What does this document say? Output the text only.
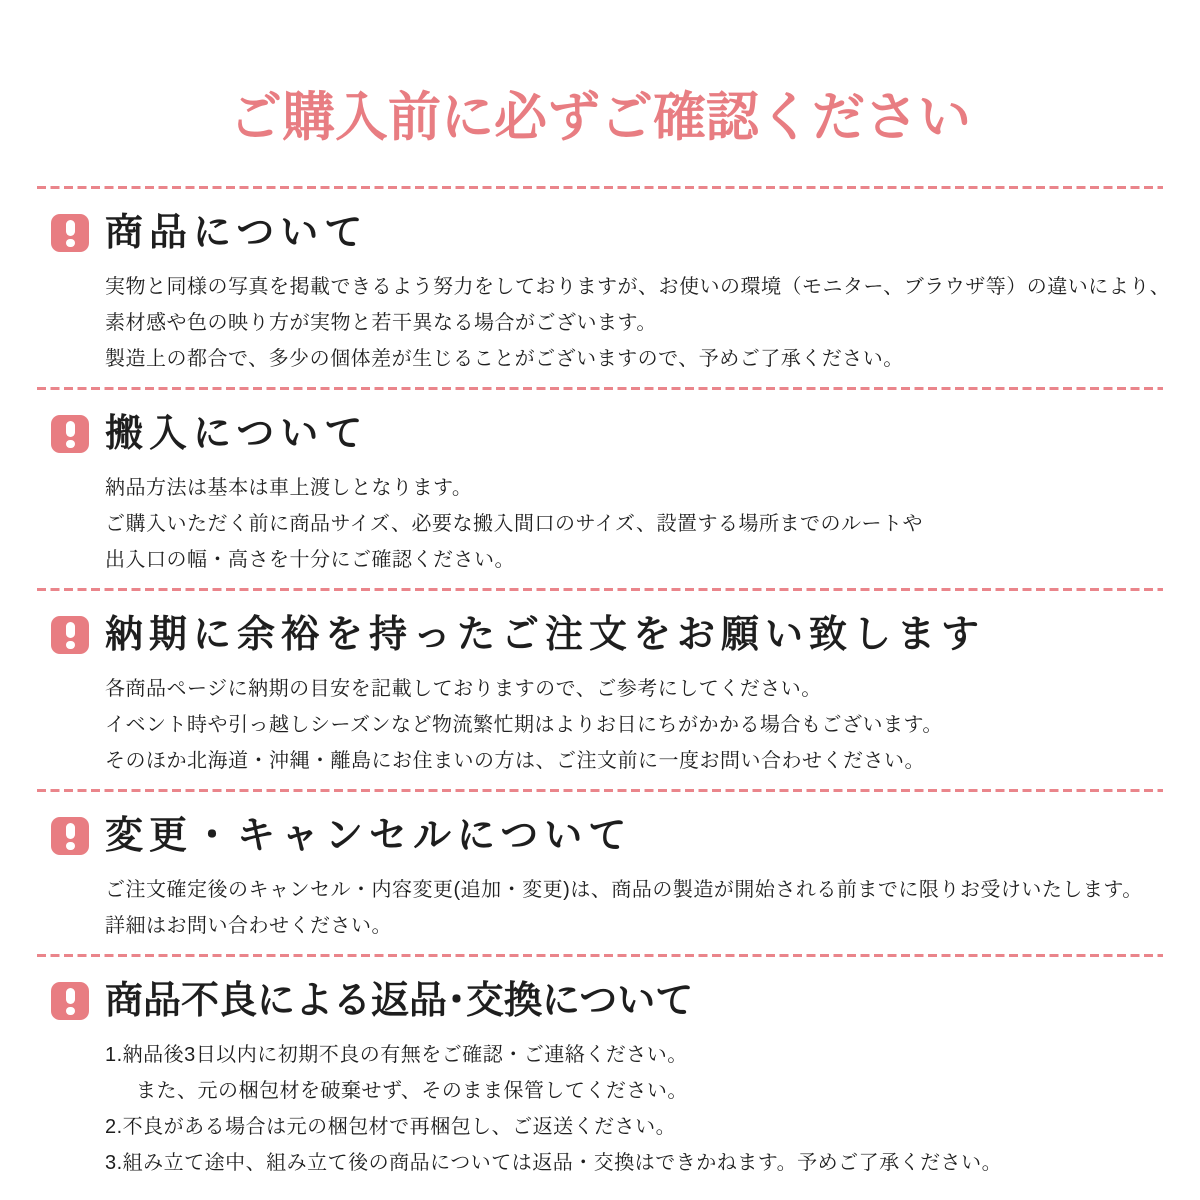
ご購入前に必ずご確認ください
商品について

実物と同様の写真を掲載できるよう努力をしておりますが、お使いの環境（モニター、ブラウザ等）の違いにより、

素材感や色の映り方が実物と若干異なる場合がございます。

製造上の都合で、多少の個体差が生じることがございますので、予めご了承ください。

搬入について

納品方法は基本は車上渡しとなります。

ご購入いただく前に商品サイズ、必要な搬入間口のサイズ、設置する場所までのルートや

出入口の幅・高さを十分にご確認ください。

納期に余裕を持ったご注文をお願い致します

各商品ページに納期の目安を記載しておりますので、ご参考にしてください。

イベント時や引っ越しシーズンなど物流繁忙期はよりお日にちがかかる場合もございます。

そのほか北海道・沖縄・離島にお住まいの方は、ご注文前に一度お問い合わせください。

変更・キャンセルについて

ご注文確定後のキャンセル・内容変更(追加・変更)は、商品の製造が開始される前までに限りお受けいたします。

詳細はお問い合わせください。

商品不良による返品･交換について

1.納品後3日以内に初期不良の有無をご確認・ご連絡ください。

また、元の梱包材を破棄せず、そのまま保管してください。

2.不良がある場合は元の梱包材で再梱包し、ご返送ください。

3.組み立て途中、組み立て後の商品については返品・交換はできかねます。予めご了承ください。
